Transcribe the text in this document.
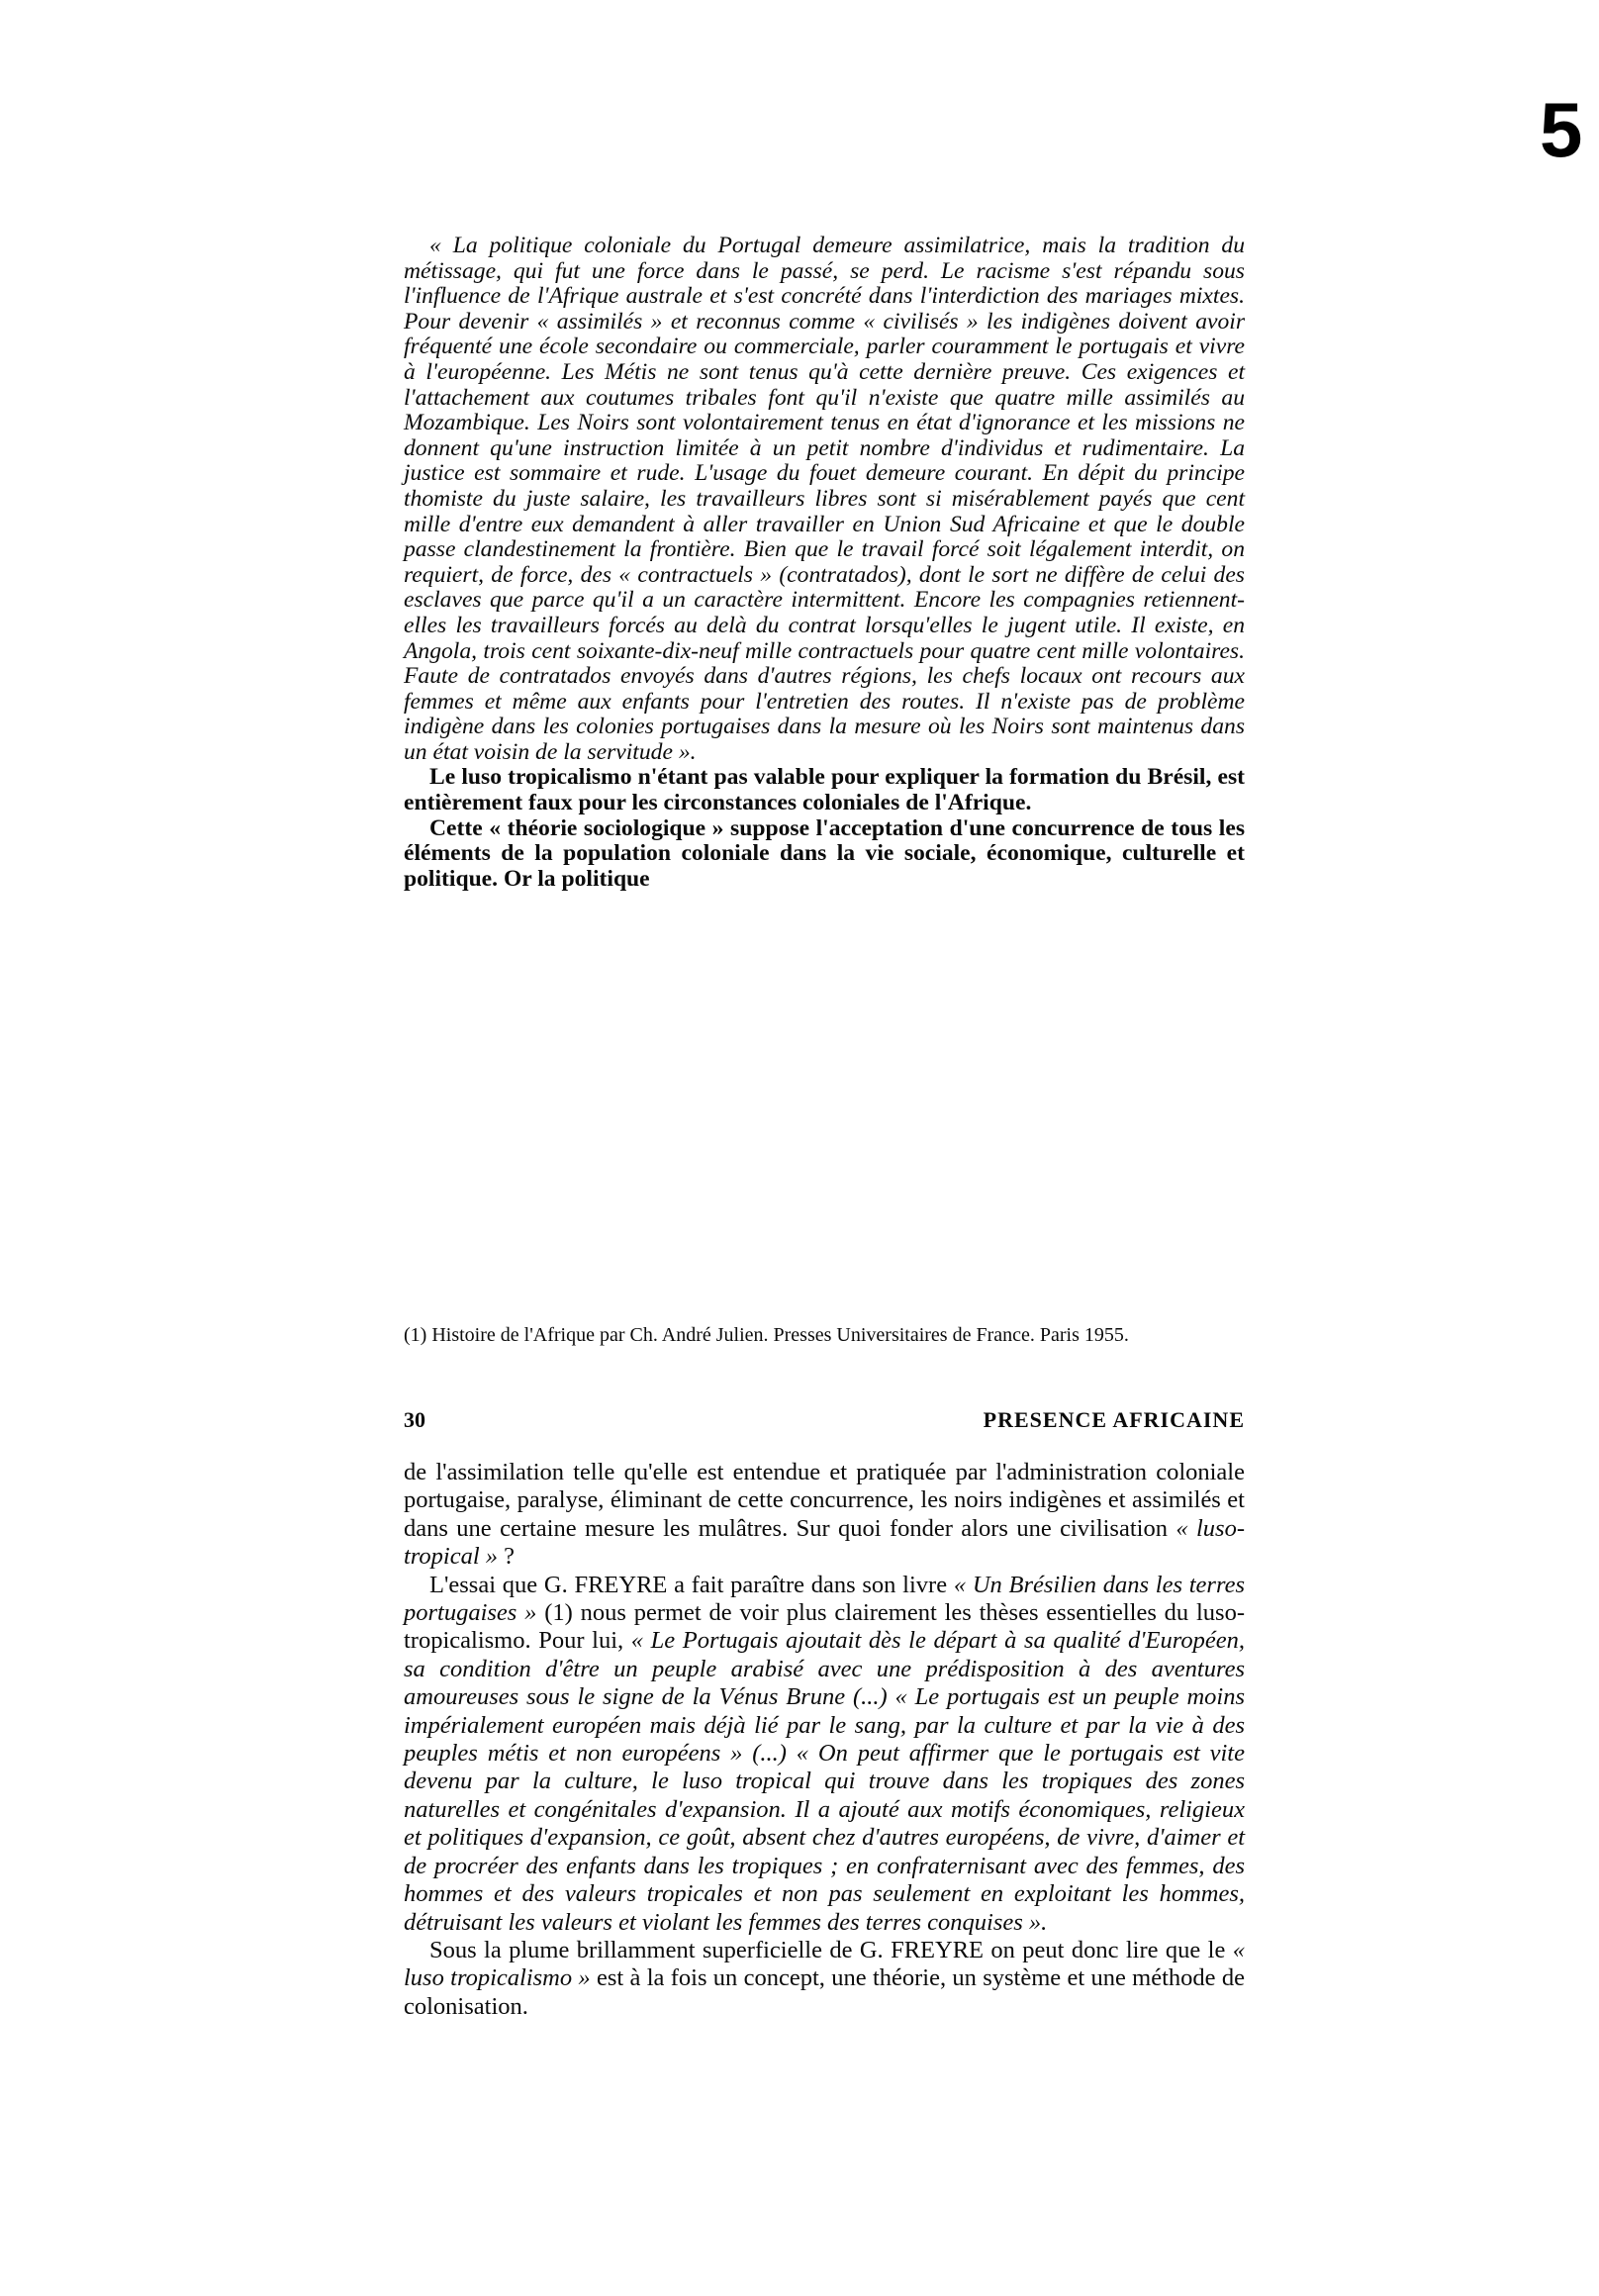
5

« La politique coloniale du Portugal demeure assimilatrice, mais la tradition du métissage, qui fut une force dans le passé, se perd. Le racisme s'est répandu sous l'influence de l'Afrique australe et s'est concrété dans l'interdiction des mariages mixtes. Pour devenir « assimilés » et reconnus comme « civilisés » les indigènes doivent avoir fréquenté une école secondaire ou commerciale, parler couramment le portugais et vivre à l'européenne. Les Métis ne sont tenus qu'à cette dernière preuve. Ces exigences et l'attachement aux coutumes tribales font qu'il n'existe que quatre mille assimilés au Mozambique. Les Noirs sont volontairement tenus en état d'ignorance et les missions ne donnent qu'une instruction limitée à un petit nombre d'individus et rudimentaire. La justice est sommaire et rude. L'usage du fouet demeure courant. En dépit du principe thomiste du juste salaire, les travailleurs libres sont si misérablement payés que cent mille d'entre eux demandent à aller travailler en Union Sud Africaine et que le double passe clandestinement la frontière. Bien que le travail forcé soit légalement interdit, on requiert, de force, des « contractuels » (contratados), dont le sort ne diffère de celui des esclaves que parce qu'il a un caractère intermittent. Encore les compagnies retiennent-elles les travailleurs forcés au delà du contrat lorsqu'elles le jugent utile. Il existe, en Angola, trois cent soixante-dix-neuf mille contractuels pour quatre cent mille volontaires. Faute de contratados envoyés dans d'autres régions, les chefs locaux ont recours aux femmes et même aux enfants pour l'entretien des routes. Il n'existe pas de problème indigène dans les colonies portugaises dans la mesure où les Noirs sont maintenus dans un état voisin de la servitude ».

Le luso tropicalismo n'étant pas valable pour expliquer la formation du Brésil, est entièrement faux pour les circonstances coloniales de l'Afrique.

Cette « théorie sociologique » suppose l'acceptation d'une concurrence de tous les éléments de la population coloniale dans la vie sociale, économique, culturelle et politique. Or la politique

(1) Histoire de l'Afrique par Ch. André Julien. Presses Universitaires de France. Paris 1955.

30	PRESENCE AFRICAINE

de l'assimilation telle qu'elle est entendue et pratiquée par l'administration coloniale portugaise, paralyse, éliminant de cette concurrence, les noirs indigènes et assimilés et dans une certaine mesure les mulâtres. Sur quoi fonder alors une civilisation « luso-tropical » ?

L'essai que G. FREYRE a fait paraître dans son livre « Un Brésilien dans les terres portugaises » (1) nous permet de voir plus clairement les thèses essentielles du luso-tropicalismo. Pour lui, « Le Portugais ajoutait dès le départ à sa qualité d'Européen, sa condition d'être un peuple arabisé avec une prédisposition à des aventures amoureuses sous le signe de la Vénus Brune (...) « Le portugais est un peuple moins impérialement européen mais déjà lié par le sang, par la culture et par la vie à des peuples métis et non européens » (...) « On peut affirmer que le portugais est vite devenu par la culture, le luso tropical qui trouve dans les tropiques des zones naturelles et congénitales d'expansion. Il a ajouté aux motifs économiques, religieux et politiques d'expansion, ce goût, absent chez d'autres européens, de vivre, d'aimer et de procréer des enfants dans les tropiques ; en confraternisant avec des femmes, des hommes et des valeurs tropicales et non pas seulement en exploitant les hommes, détruisant les valeurs et violant les femmes des terres conquises ».

Sous la plume brillamment superficielle de G. FREYRE on peut donc lire que le « luso tropicalismo » est à la fois un concept, une théorie, un système et une méthode de colonisation.
